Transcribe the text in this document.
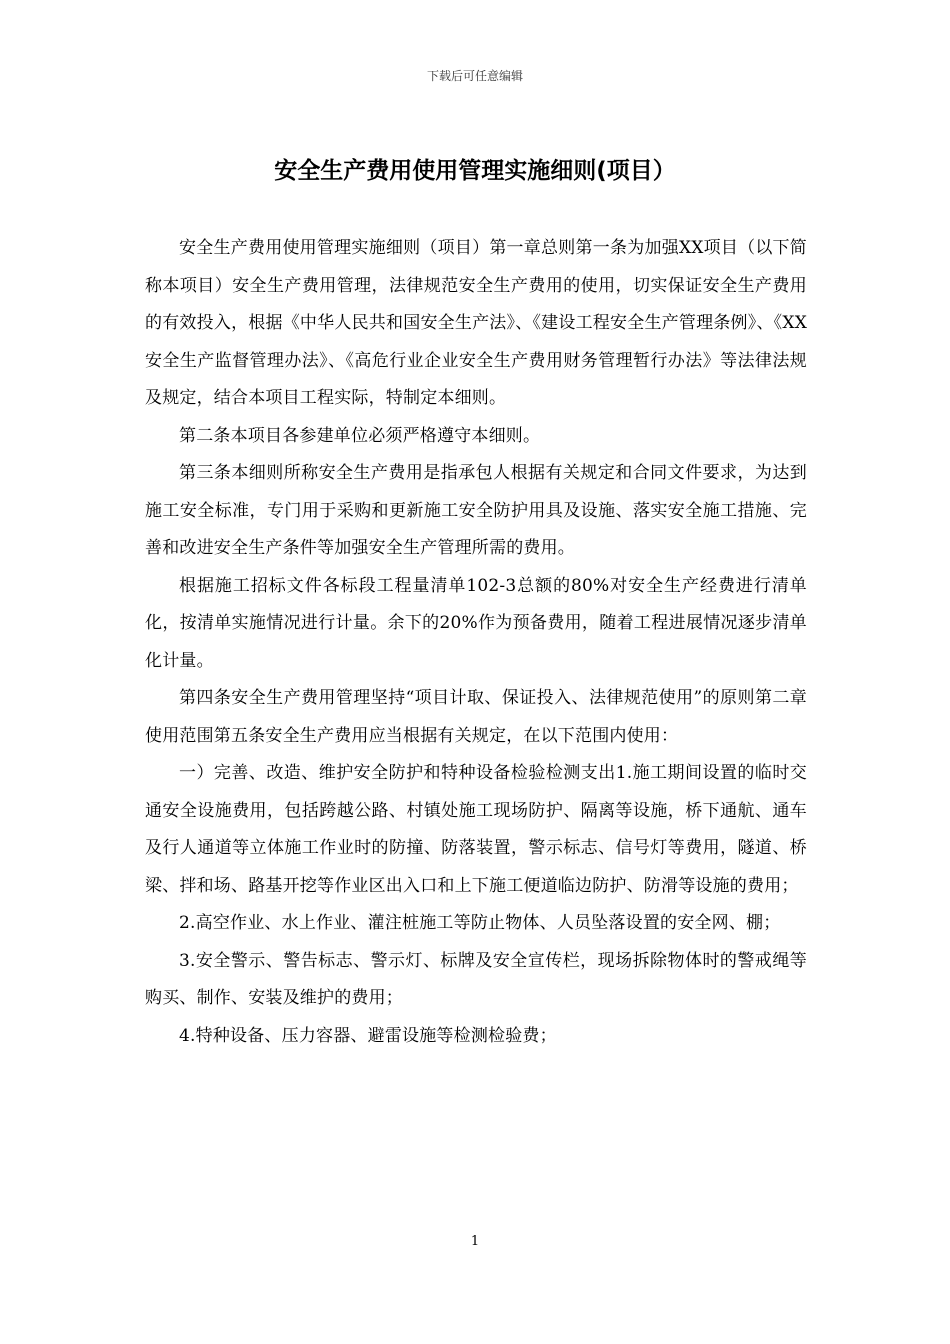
下载后可任意编辑
安全生产费用使用管理实施细则(项目）

安全生产费用使用管理实施细则（项目）第一章总则第一条为加强XX项目（以下简称本项目）安全生产费用管理，法律规范安全生产费用的使用，切实保证安全生产费用的有效投入，根据《中华人民共和国安全生产法》、《建设工程安全生产管理条例》、《XX安全生产监督管理办法》、《高危行业企业安全生产费用财务管理暂行办法》等法律法规及规定，结合本项目工程实际，特制定本细则。

第二条本项目各参建单位必须严格遵守本细则。

第三条本细则所称安全生产费用是指承包人根据有关规定和合同文件要求，为达到施工安全标准，专门用于采购和更新施工安全防护用具及设施、落实安全施工措施、完善和改进安全生产条件等加强安全生产管理所需的费用。

根据施工招标文件各标段工程量清单102-3总额的80%对安全生产经费进行清单化，按清单实施情况进行计量。余下的20%作为预备费用，随着工程进展情况逐步清单化计量。

第四条安全生产费用管理坚持“项目计取、保证投入、法律规范使用”的原则第二章使用范围第五条安全生产费用应当根据有关规定，在以下范围内使用：

一）完善、改造、维护安全防护和特种设备检验检测支出1.施工期间设置的临时交通安全设施费用，包括跨越公路、村镇处施工现场防护、隔离等设施，桥下通航、通车及行人通道等立体施工作业时的防撞、防落装置，警示标志、信号灯等费用，隧道、桥梁、拌和场、路基开挖等作业区出入口和上下施工便道临边防护、防滑等设施的费用；

2.高空作业、水上作业、灌注桩施工等防止物体、人员坠落设置的安全网、棚；

3.安全警示、警告标志、警示灯、标牌及安全宣传栏，现场拆除物体时的警戒绳等购买、制作、安装及维护的费用；

4.特种设备、压力容器、避雷设施等检测检验费；

1
